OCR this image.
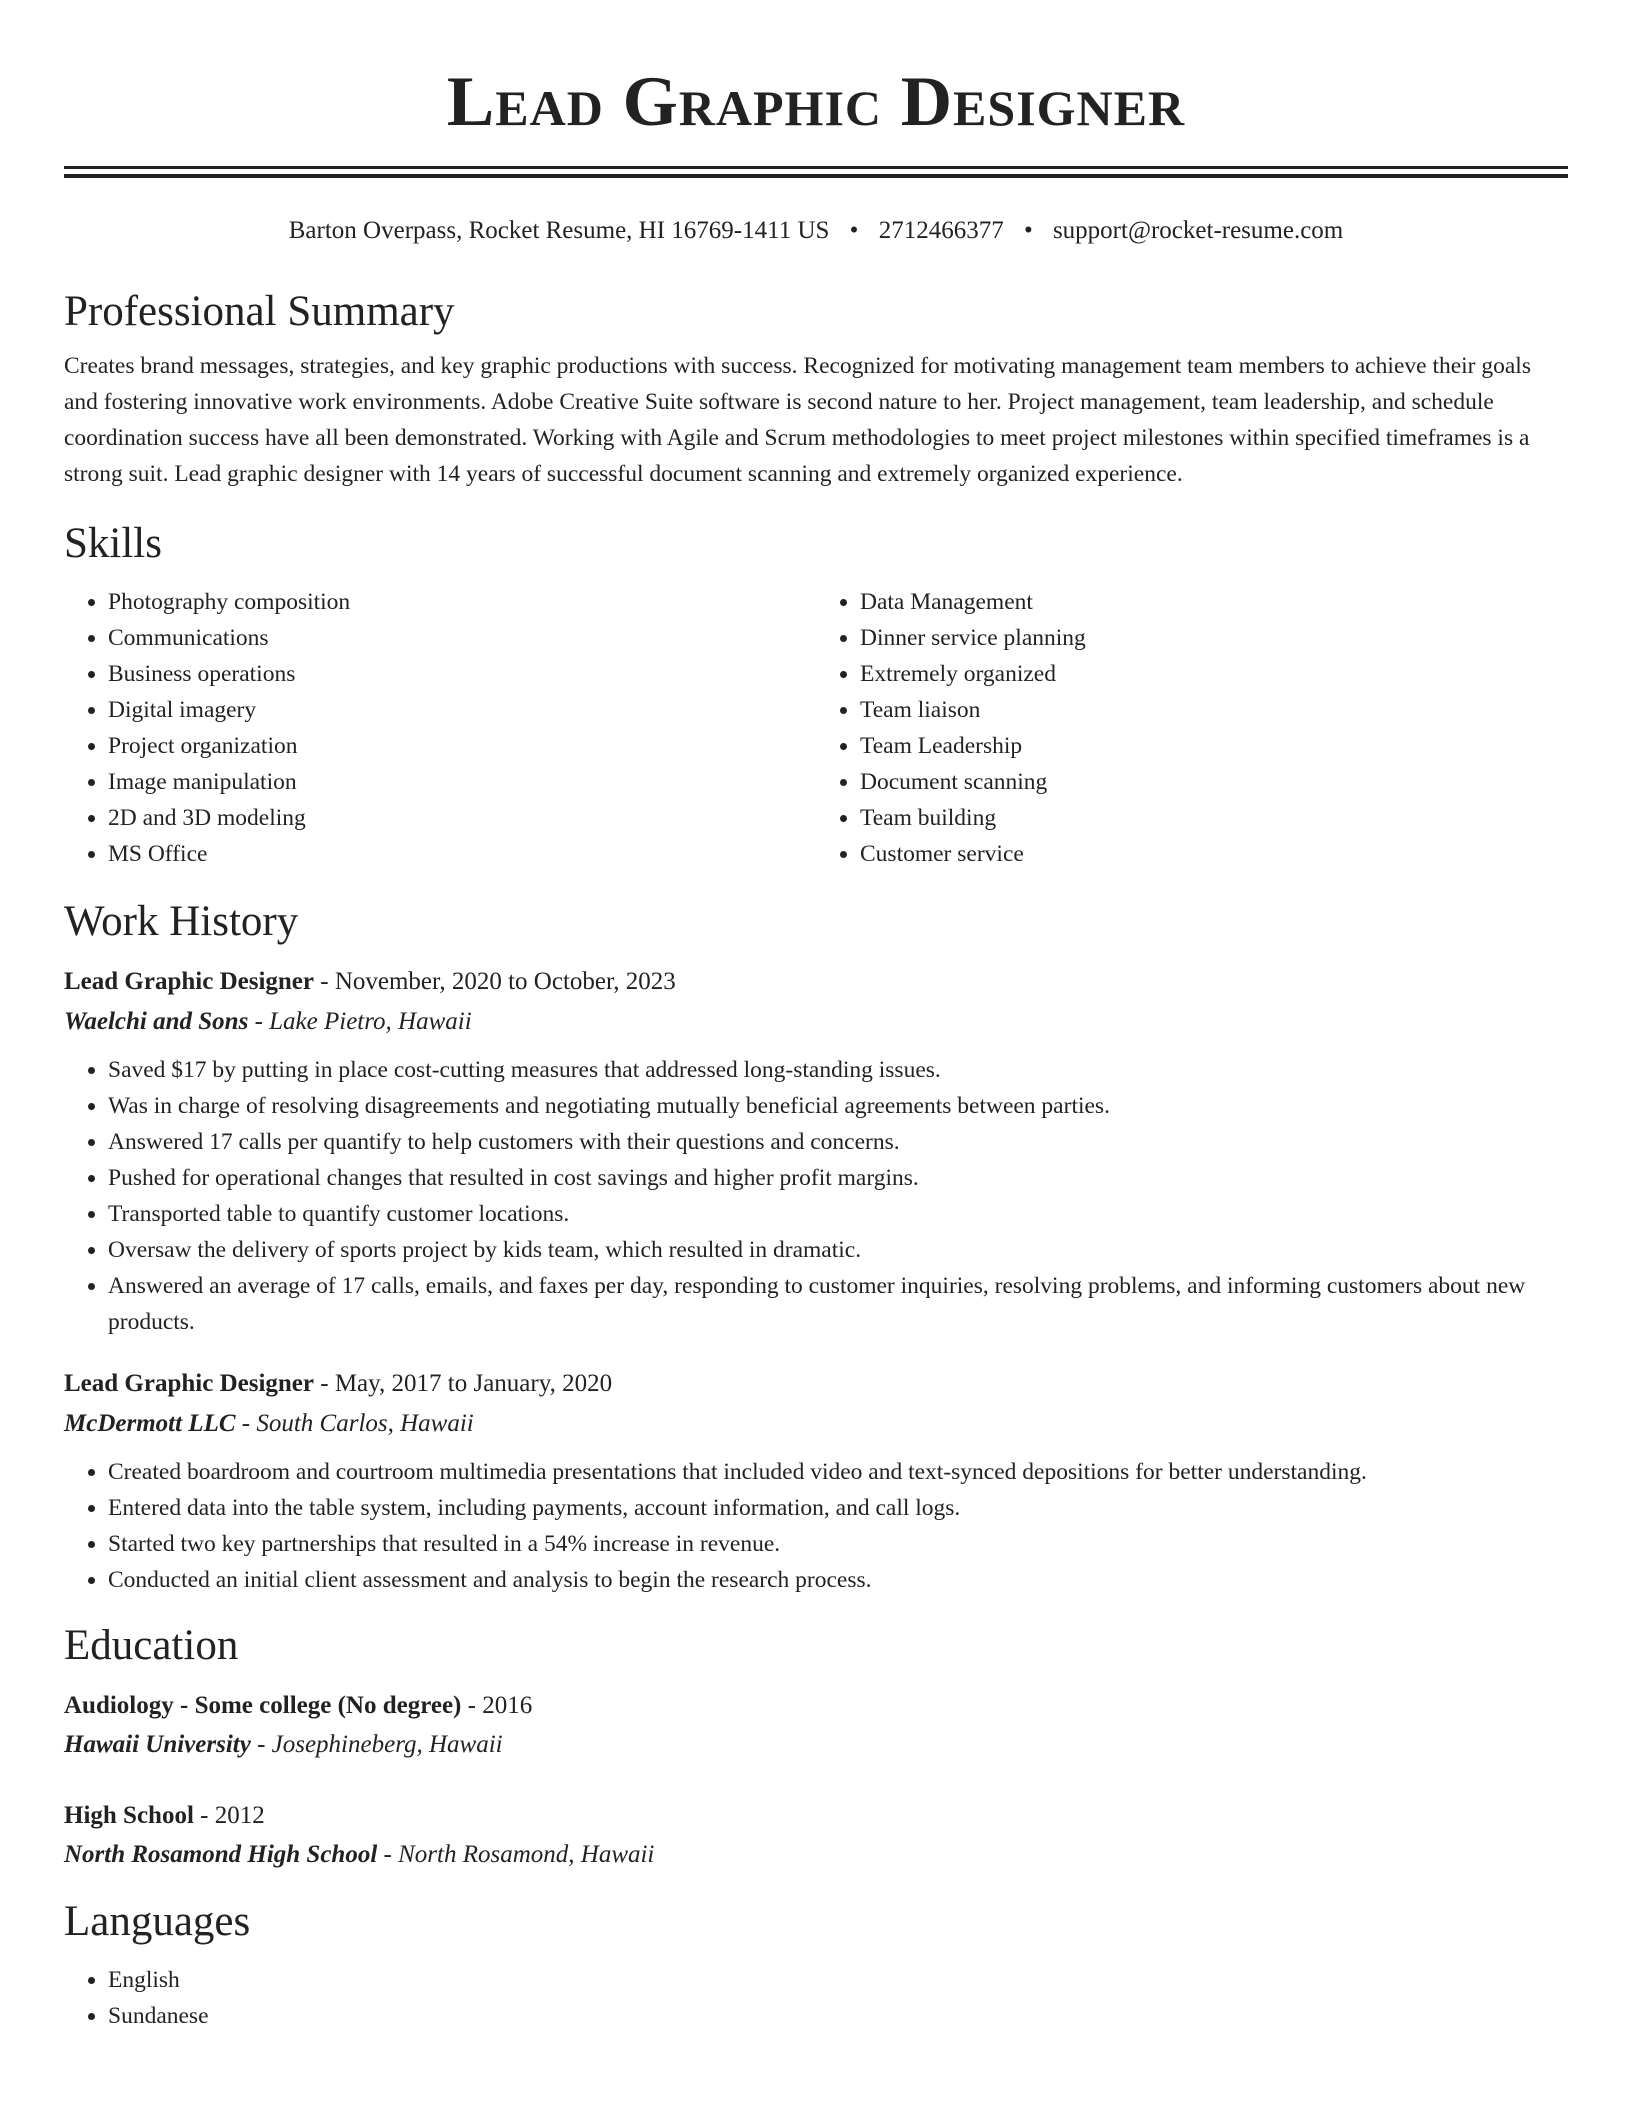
Lead Graphic Designer
Barton Overpass, Rocket Resume, HI 16769-1411 US • 2712466377 • support@rocket-resume.com
Professional Summary
Creates brand messages, strategies, and key graphic productions with success. Recognized for motivating management team members to achieve their goals and fostering innovative work environments. Adobe Creative Suite software is second nature to her. Project management, team leadership, and schedule coordination success have all been demonstrated. Working with Agile and Scrum methodologies to meet project milestones within specified timeframes is a strong suit. Lead graphic designer with 14 years of successful document scanning and extremely organized experience.
Skills
• Photography composition
• Communications
• Business operations
• Digital imagery
• Project organization
• Image manipulation
• 2D and 3D modeling
• MS Office
• Data Management
• Dinner service planning
• Extremely organized
• Team liaison
• Team Leadership
• Document scanning
• Team building
• Customer service
Work History
Lead Graphic Designer - November, 2020 to October, 2023
Waelchi and Sons - Lake Pietro, Hawaii
• Saved $17 by putting in place cost-cutting measures that addressed long-standing issues.
• Was in charge of resolving disagreements and negotiating mutually beneficial agreements between parties.
• Answered 17 calls per quantify to help customers with their questions and concerns.
• Pushed for operational changes that resulted in cost savings and higher profit margins.
• Transported table to quantify customer locations.
• Oversaw the delivery of sports project by kids team, which resulted in dramatic.
• Answered an average of 17 calls, emails, and faxes per day, responding to customer inquiries, resolving problems, and informing customers about new products.
Lead Graphic Designer - May, 2017 to January, 2020
McDermott LLC - South Carlos, Hawaii
• Created boardroom and courtroom multimedia presentations that included video and text-synced depositions for better understanding.
• Entered data into the table system, including payments, account information, and call logs.
• Started two key partnerships that resulted in a 54% increase in revenue.
• Conducted an initial client assessment and analysis to begin the research process.
Education
Audiology - Some college (No degree) - 2016
Hawaii University - Josephineberg, Hawaii
High School - 2012
North Rosamond High School - North Rosamond, Hawaii
Languages
• English
• Sundanese
